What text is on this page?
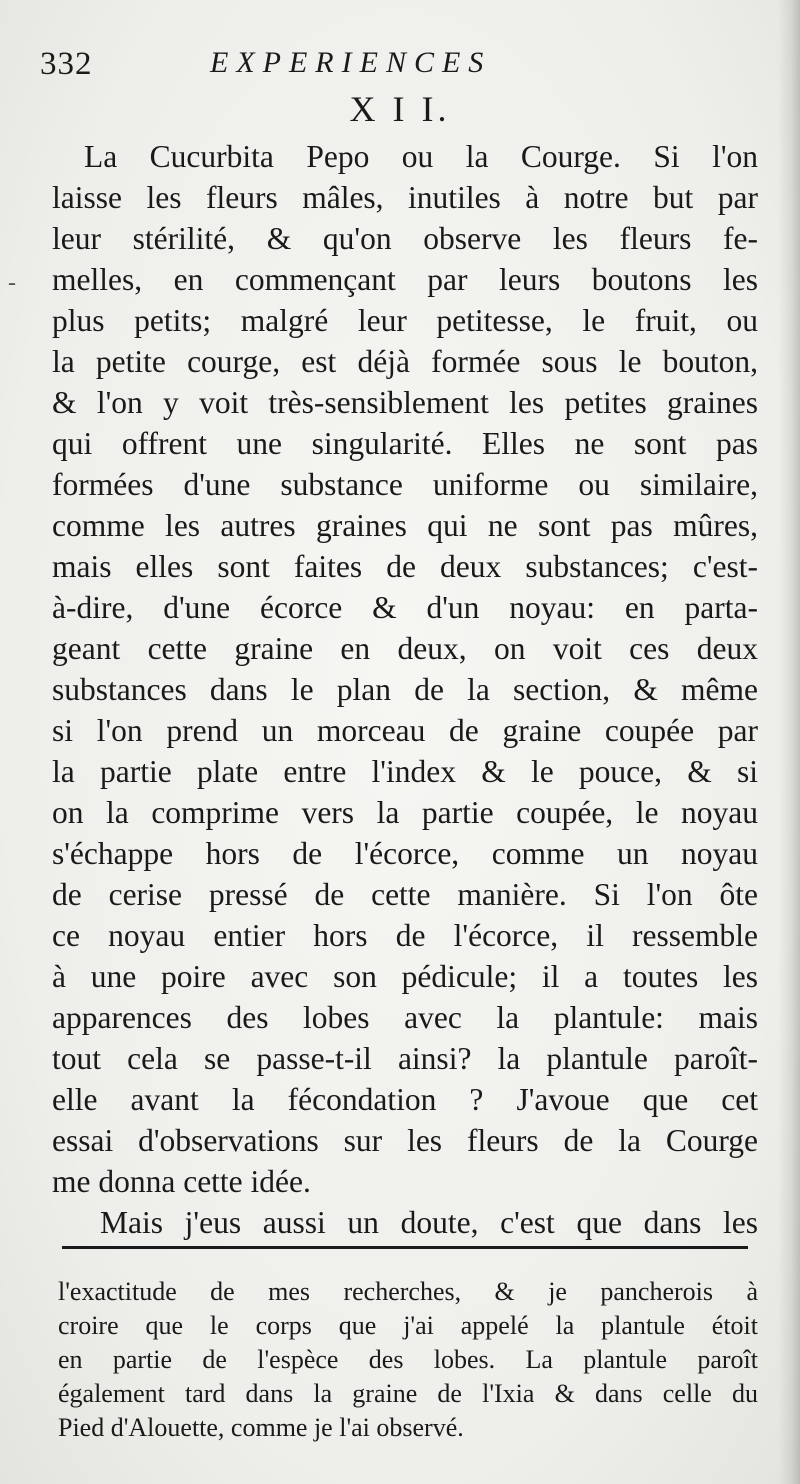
332	EXPERIENCES
X I I.
‐
La Cucurbita Pepo ou la Courge. Si l'on
laisse les fleurs mâles, inutiles à notre but par
leur stérilité, & qu'on observe les fleurs fe-
melles, en commençant par leurs boutons les
plus petits; malgré leur petitesse, le fruit, ou
la petite courge, est déjà formée sous le bouton,
& l'on y voit très-sensiblement les petites graines
qui offrent une singularité. Elles ne sont pas
formées d'une substance uniforme ou similaire,
comme les autres graines qui ne sont pas mûres,
mais elles sont faites de deux substances; c'est-
à-dire, d'une écorce & d'un noyau: en parta-
geant cette graine en deux, on voit ces deux
substances dans le plan de la section, & même
si l'on prend un morceau de graine coupée par
la partie plate entre l'index & le pouce, & si
on la comprime vers la partie coupée, le noyau
s'échappe hors de l'écorce, comme un noyau
de cerise pressé de cette manière. Si l'on ôte
ce noyau entier hors de l'écorce, il ressemble
à une poire avec son pédicule; il a toutes les
apparences des lobes avec la plantule: mais
tout cela se passe-t-il ainsi? la plantule paroît-
elle avant la fécondation ? J'avoue que cet
essai d'observations sur les fleurs de la Courge
me donna cette idée.
Mais j'eus aussi un doute, c'est que dans les
l'exactitude de mes recherches, & je pancherois à
croire que le corps que j'ai appelé la plantule étoit
en partie de l'espèce des lobes. La plantule paroît
également tard dans la graine de l'Ixia & dans celle du
Pied d'Alouette, comme je l'ai observé.
